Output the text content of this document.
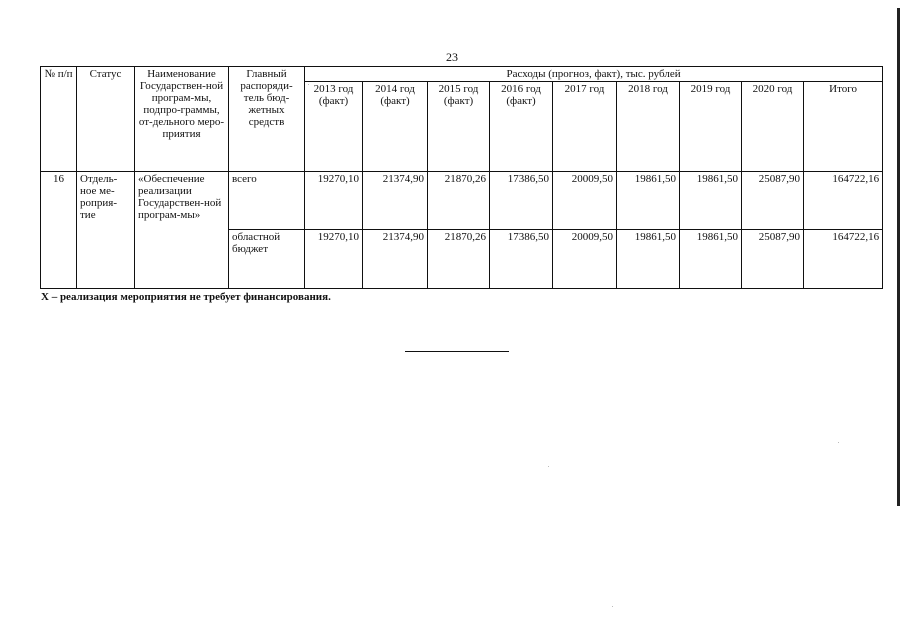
23
№ п/п	Статус	Наименование Государствен-ной програм-мы, подпро-граммы, от-дельного меро-приятия	Главный распоряди-тель бюд-жетных средств	Расходы (прогноз, факт), тыс. рублей								
				2013 год (факт)	2014 год (факт)	2015 год (факт)	2016 год (факт)	2017 год	2018 год	2019 год	2020 год	Итого
16	Отдель-ное ме-роприя-тие	«Обеспечение реализации Государствен-ной програм-мы»	всего	19270,10	21374,90	21870,26	17386,50	20009,50	19861,50	19861,50	25087,90	164722,16
			областной бюджет	19270,10	21374,90	21870,26	17386,50	20009,50	19861,50	19861,50	25087,90	164722,16
Х – реализация мероприятия не требует финансирования.
